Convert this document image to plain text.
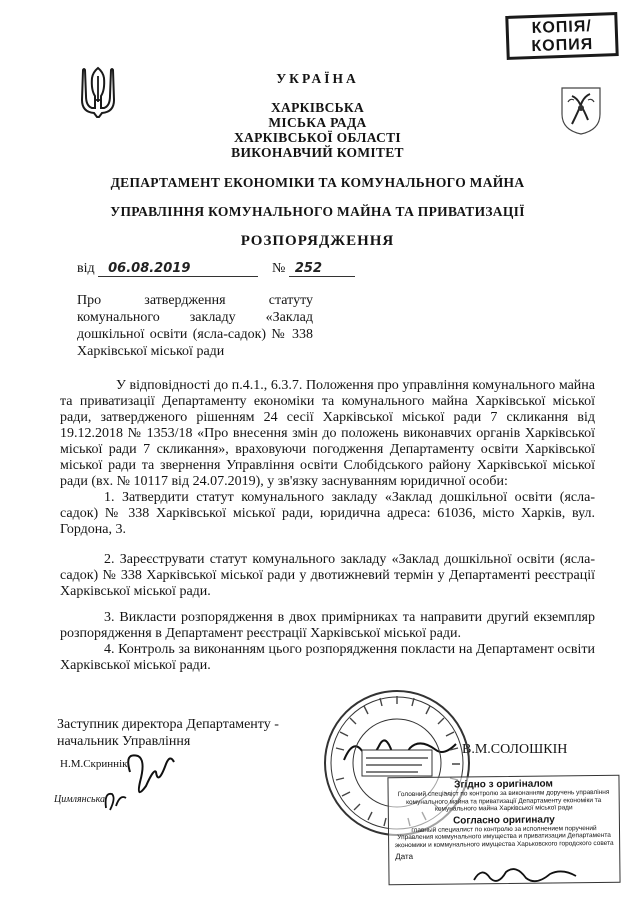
КОПІЯ/
КОПИЯ
УКРАЇНА
ХАРКІВСЬКА
МІСЬКА РАДА
ХАРКІВСЬКОЇ ОБЛАСТІ
ВИКОНАВЧИЙ КОМІТЕТ
ДЕПАРТАМЕНТ ЕКОНОМІКИ ТА КОМУНАЛЬНОГО МАЙНА
УПРАВЛІННЯ КОМУНАЛЬНОГО МАЙНА ТА ПРИВАТИЗАЦІЇ
РОЗПОРЯДЖЕННЯ
від 06.08.2019	№ 252
Про затвердження статуту комунального закладу «Заклад дошкільної освіти (ясла-садок) № 338 Харківської міської ради

У відповідності до п.4.1., 6.3.7. Положення про управління комунального майна та приватизації Департаменту економіки та комунального майна Харківської міської ради, затвердженого рішенням 24 сесії Харківської міської ради 7 скликання від 19.12.2018 № 1353/18 «Про внесення змін до положень виконавчих органів Харківської міської ради 7 скликання», враховуючи погодження Департаменту освіти Харківської міської ради та звернення Управління освіти Слобідського району Харківської міської ради (вх. № 10117 від 24.07.2019), у зв'язку заснуванням юридичної особи:

1. Затвердити статут комунального закладу «Заклад дошкільної освіти (ясла-садок) № 338 Харківської міської ради, юридична адреса: 61036, місто Харків, вул. Гордона, 3.

2. Зареєструвати статут комунального закладу «Заклад дошкільної освіти (ясла-садок) № 338 Харківської міської ради у двотижневий термін у Департаменті реєстрації Харківської міської ради.

3. Викласти розпорядження в двох примірниках та направити другий екземпляр розпорядження в Департамент реєстрації Харківської міської ради.

4. Контроль за виконанням цього розпорядження покласти на Департамент освіти Харківської міської ради.

Заступник директора Департаменту -
начальник Управління
В.М.СОЛОШКІН
Н.М.Скриннік
Цимлянська
Згідно з оригіналом
Головний спеціаліст по контролю за виконанням доручень управління комунального майна та приватизації Департаменту економіки та комунального майна Харківської міської ради
Согласно оригиналу
главный специалист по контролю за исполнением поручений Управления коммунального имущества и приватизации Департамента экономики и коммунального имущества Харьковского городского совета
Дата
